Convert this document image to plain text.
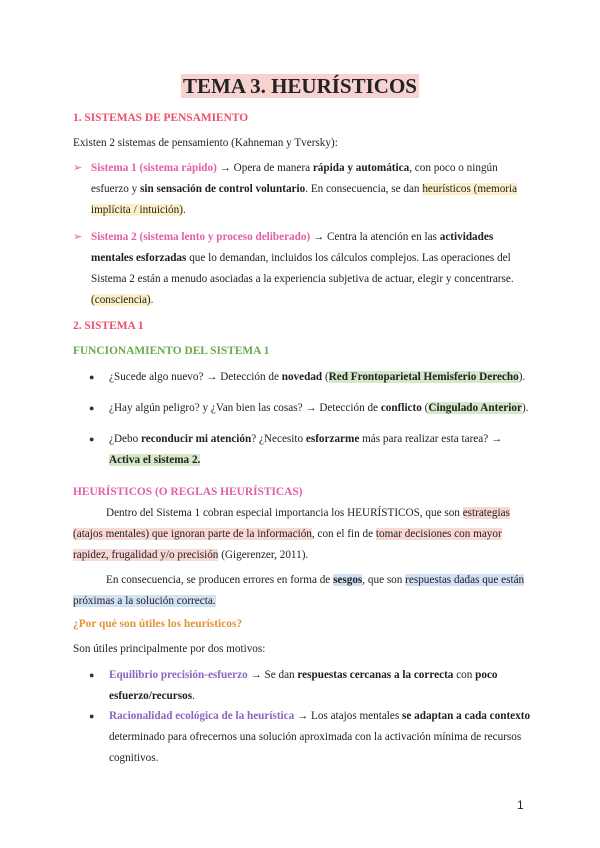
TEMA 3. HEURÍSTICOS
1. SISTEMAS DE PENSAMIENTO
Existen 2 sistemas de pensamiento (Kahneman y Tversky):
➢ Sistema 1 (sistema rápido) → Opera de manera rápida y automática, con poco o ningún esfuerzo y sin sensación de control voluntario. En consecuencia, se dan heurísticos (memoria implícita / intuición).
➢ Sistema 2 (sistema lento y proceso deliberado) → Centra la atención en las actividades mentales esforzadas que lo demandan, incluidos los cálculos complejos. Las operaciones del Sistema 2 están a menudo asociadas a la experiencia subjetiva de actuar, elegir y concentrarse. (consciencia).
2. SISTEMA 1
FUNCIONAMIENTO DEL SISTEMA 1
● ¿Sucede algo nuevo? → Detección de novedad (Red Frontoparietal Hemisferio Derecho).
● ¿Hay algún peligro? y ¿Van bien las cosas? → Detección de conflicto (Cingulado Anterior).
● ¿Debo reconducir mi atención? ¿Necesito esforzarme más para realizar esta tarea? → Activa el sistema 2.
HEURÍSTICOS (O REGLAS HEURÍSTICAS)
Dentro del Sistema 1 cobran especial importancia los HEURÍSTICOS, que son estrategias (atajos mentales) que ignoran parte de la información, con el fin de tomar decisiones con mayor rapidez, frugalidad y/o precisión (Gigerenzer, 2011).
En consecuencia, se producen errores en forma de sesgos, que son respuestas dadas que están próximas a la solución correcta.
¿Por qué son útiles los heurísticos?
Son útiles principalmente por dos motivos:
● Equilibrio precisión-esfuerzo → Se dan respuestas cercanas a la correcta con poco esfuerzo/recursos.
● Racionalidad ecológica de la heurística → Los atajos mentales se adaptan a cada contexto determinado para ofrecernos una solución aproximada con la activación mínima de recursos cognitivos.
1
